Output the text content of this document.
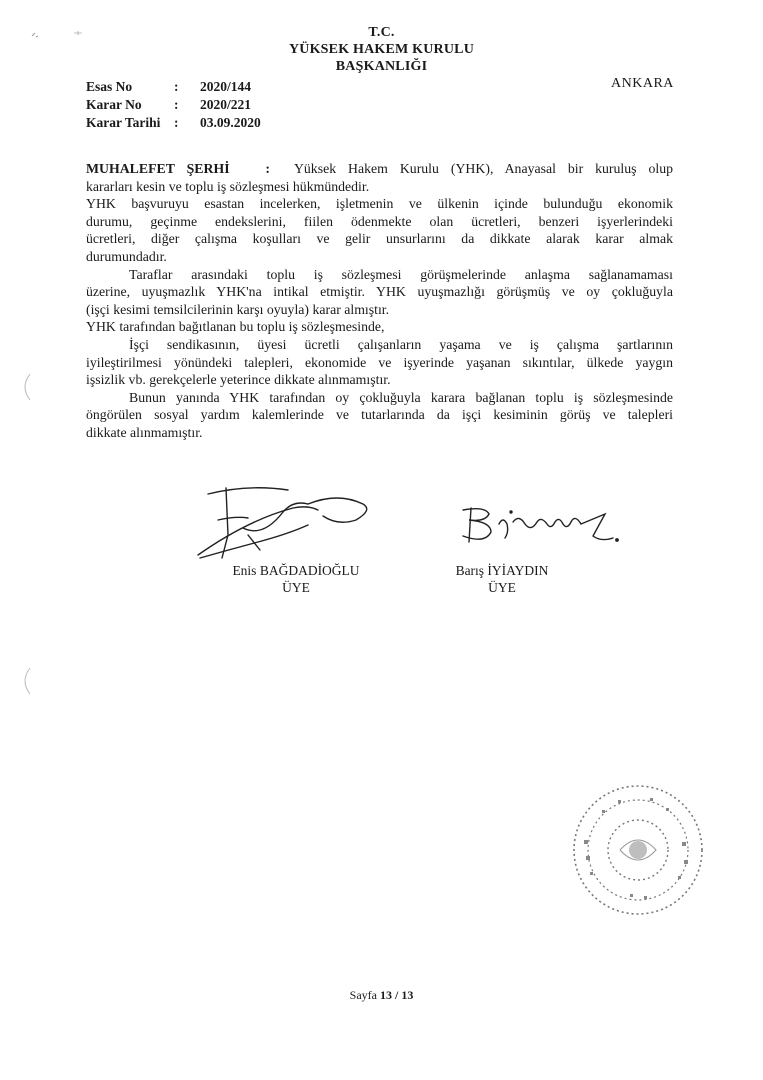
T.C.
YÜKSEK HAKEM KURULU
BAŞKANLIĞI
ANKARA
Esas No	: 2020/144
Karar No : 2020/221
Karar Tarihi : 03.09.2020

MUHALEFET ŞERHİ	: Yüksek Hakem Kurulu (YHK), Anayasal bir kuruluş olup

kararları kesin ve toplu iş sözleşmesi hükmündedir.

YHK başvuruyu esastan incelerken, işletmenin ve ülkenin içinde bulunduğu ekonomik

durumu, geçinme endekslerini, fiilen ödenmekte olan ücretleri, benzeri işyerlerindeki

ücretleri, diğer çalışma koşulları ve gelir unsurlarını da dikkate alarak karar almak

durumundadır.

Taraflar arasındaki toplu iş sözleşmesi görüşmelerinde anlaşma sağlanamaması

üzerine, uyuşmazlık YHK'na intikal etmiştir. YHK uyuşmazlığı görüşmüş ve oy çokluğuyla

(işçi kesimi temsilcilerinin karşı oyuyla) karar almıştır.

YHK tarafından bağıtlanan bu toplu iş sözleşmesinde,

İşçi sendikasının, üyesi ücretli çalışanların yaşama ve iş çalışma şartlarının

iyileştirilmesi yönündeki talepleri, ekonomide ve işyerinde yaşanan sıkıntılar, ülkede yaygın

işsizlik vb. gerekçelerle yeterince dikkate alınmamıştır.

Bunun yanında YHK tarafından oy çokluğuyla karara bağlanan toplu iş sözleşmesinde

öngörülen sosyal yardım kalemlerinde ve tutarlarında da işçi kesiminin görüş ve talepleri

dikkate alınmamıştır.

Enis BAĞDADİOĞLU
ÜYE
Barış İYİAYDIN
ÜYE
Sayfa 13 / 13
